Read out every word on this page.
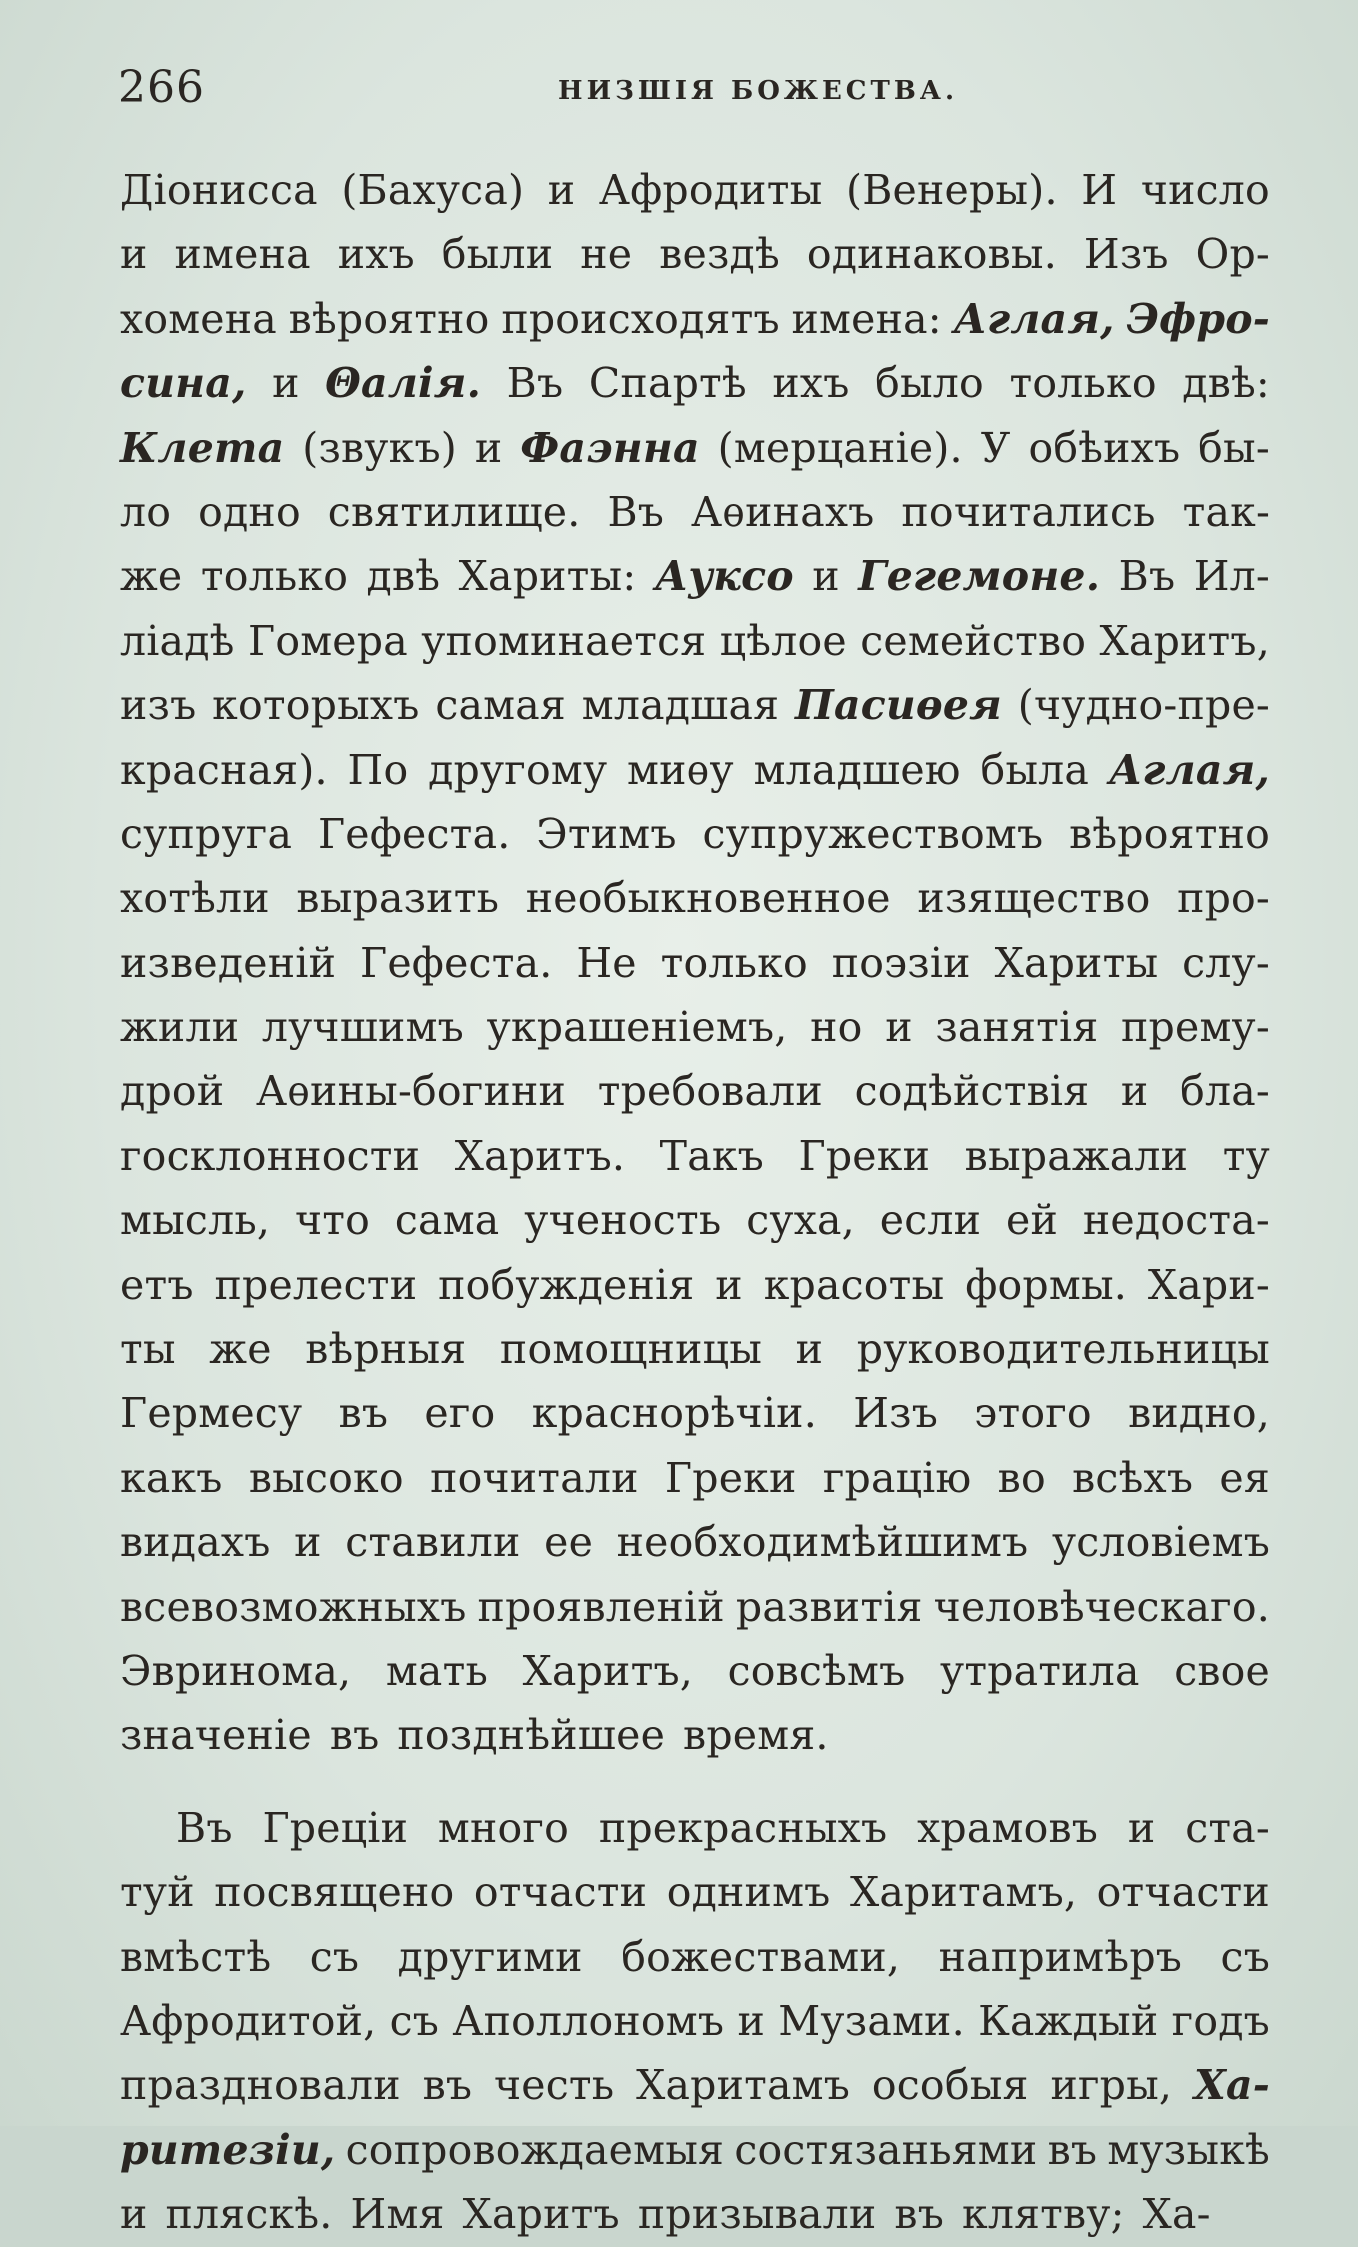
266	НИЗШІЯ БОЖЕСТВА.
Діонисса (Бахуса) и Афродиты (Венеры). И число
и имена ихъ были не вездѣ одинаковы. Изъ Ор-
хомена вѣроятно происходятъ имена: Аглая, Эфро-
сина, и Θалія. Въ Спартѣ ихъ было только двѣ:
Клета (звукъ) и Фаэнна (мерцаніе). У обѣихъ бы-
ло одно святилище. Въ Аѳинахъ почитались так-
же только двѣ Хариты: Ауксо и Гегемоне. Въ Ил-
ліадѣ Гомера упоминается цѣлое семейство Харитъ,
изъ которыхъ самая младшая Пасиѳея (чудно-пре-
красная). По другому миѳу младшею была Аглая,
супруга Гефеста. Этимъ супружествомъ вѣроятно
хотѣли выразить необыкновенное изящество про-
изведеній Гефеста. Не только поэзіи Хариты слу-
жили лучшимъ украшеніемъ, но и занятія прему-
дрой Аѳины-богини требовали содѣйствія и бла-
госклонности Харитъ. Такъ Греки выражали ту
мысль, что сама ученость суха, если ей недоста-
етъ прелести побужденія и красоты формы. Хари-
ты же вѣрныя помощницы и руководительницы
Гермесу въ его краснорѣчіи. Изъ этого видно,
какъ высоко почитали Греки грацію во всѣхъ ея
видахъ и ставили ее необходимѣйшимъ условіемъ
всевозможныхъ проявленій развитія человѣческаго.
Эвринома, мать Харитъ, совсѣмъ утратила свое
значеніе въ позднѣйшее время.
Въ Греціи много прекрасныхъ храмовъ и ста-
туй посвящено отчасти однимъ Харитамъ, отчасти
вмѣстѣ съ другими божествами, напримѣръ съ
Афродитой, съ Аполлономъ и Музами. Каждый годъ
праздновали въ честь Харитамъ особыя игры, Ха-
ритезіи, сопровождаемыя состязаньями въ музыкѣ
и пляскѣ. Имя Харитъ призывали въ клятву; Ха-
